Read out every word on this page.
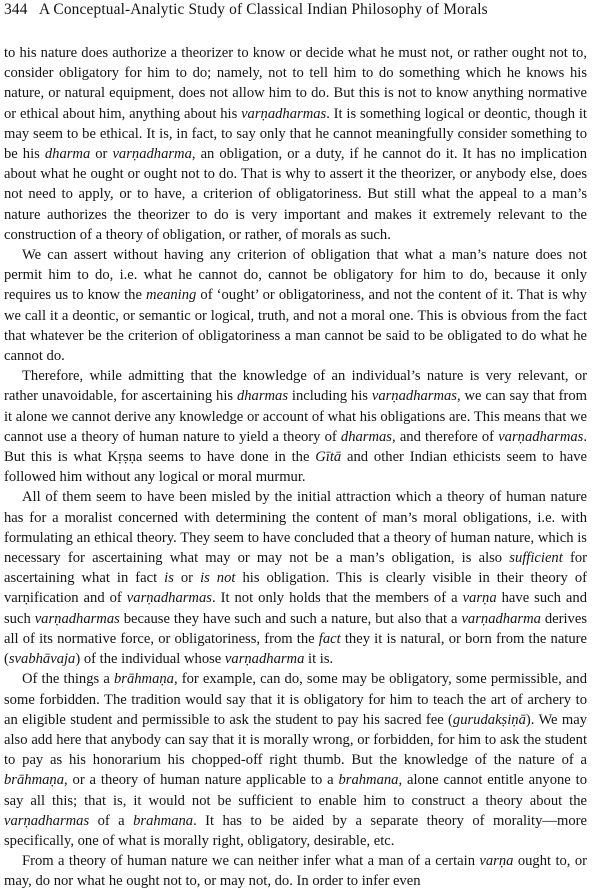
344 A Conceptual-Analytic Study of Classical Indian Philosophy of Morals

to his nature does authorize a theorizer to know or decide what he must not, or rather ought not to, consider obligatory for him to do; namely, not to tell him to do something which he knows his nature, or natural equipment, does not allow him to do. But this is not to know anything normative or ethical about him, anything about his varṇadharmas. It is something logical or deontic, though it may seem to be ethical. It is, in fact, to say only that he cannot meaningfully consider something to be his dharma or varṇadharma, an obligation, or a duty, if he cannot do it. It has no implication about what he ought or ought not to do. That is why to assert it the theorizer, or anybody else, does not need to apply, or to have, a criterion of obligatoriness. But still what the appeal to a man’s nature authorizes the theorizer to do is very important and makes it extremely relevant to the construction of a theory of obligation, or rather, of morals as such.

We can assert without having any criterion of obligation that what a man’s nature does not permit him to do, i.e. what he cannot do, cannot be obligatory for him to do, because it only requires us to know the meaning of ‘ought’ or obligatoriness, and not the content of it. That is why we call it a deontic, or semantic or logical, truth, and not a moral one. This is obvious from the fact that whatever be the criterion of obligatoriness a man cannot be said to be obligated to do what he cannot do.

Therefore, while admitting that the knowledge of an individual’s nature is very relevant, or rather unavoidable, for ascertaining his dharmas including his varṇadharmas, we can say that from it alone we cannot derive any knowledge or account of what his obligations are. This means that we cannot use a theory of human nature to yield a theory of dharmas, and therefore of varṇadharmas. But this is what Kṛṣṇa seems to have done in the Gītā and other Indian ethicists seem to have followed him without any logical or moral murmur.

All of them seem to have been misled by the initial attraction which a theory of human nature has for a moralist concerned with determining the content of man’s moral obligations, i.e. with formulating an ethical theory. They seem to have concluded that a theory of human nature, which is necessary for ascertaining what may or may not be a man’s obligation, is also sufficient for ascertaining what in fact is or is not his obligation. This is clearly visible in their theory of varṇification and of varṇadharmas. It not only holds that the members of a varṇa have such and such varṇadharmas because they have such and such a nature, but also that a varṇadharma derives all of its normative force, or obligatoriness, from the fact they it is natural, or born from the nature (svabhāvaja) of the individual whose varṇadharma it is.

Of the things a brāhmaṇa, for example, can do, some may be obligatory, some permissible, and some forbidden. The tradition would say that it is obligatory for him to teach the art of archery to an eligible student and permissible to ask the student to pay his sacred fee (gurudakṣiṇā). We may also add here that anybody can say that it is morally wrong, or forbidden, for him to ask the student to pay as his honorarium his chopped-off right thumb. But the knowledge of the nature of a brāhmaṇa, or a theory of human nature applicable to a brahmana, alone cannot entitle anyone to say all this; that is, it would not be sufficient to enable him to construct a theory about the varṇadharmas of a brahmana. It has to be aided by a separate theory of morality—more specifically, one of what is morally right, obligatory, desirable, etc.

From a theory of human nature we can neither infer what a man of a certain varṇa ought to, or may, do nor what he ought not to, or may not, do. In order to infer even
